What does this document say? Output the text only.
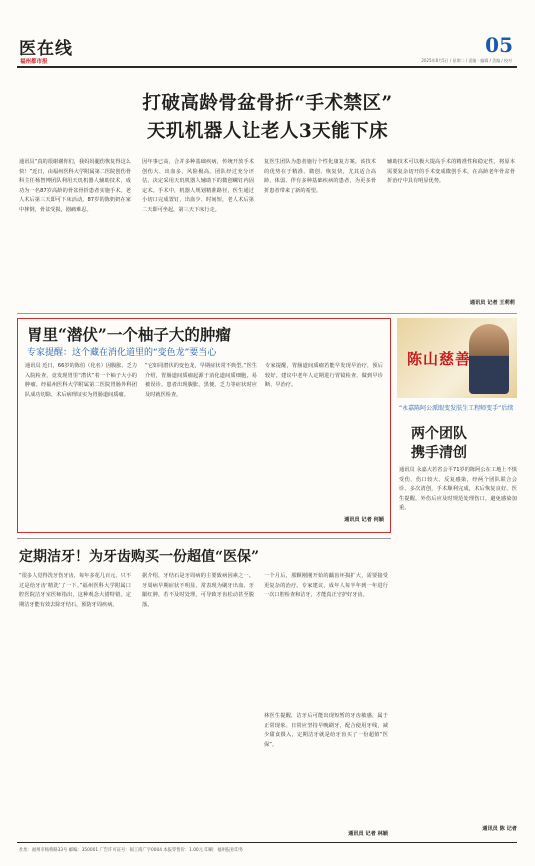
医在线
福州都市报
05
2025年8月5日 / 星期二 / 责编 · 编辑 / 美编 / 校对
打破高龄骨盆骨折“手术禁区”
天玑机器人让老人3天能下床
通讯员“真的很谢谢你们，我妈妈腿伤恢复得这么快！”近日，由福州医科大学附属第二医院创伤骨科主任杨智博团队利用天玑机器人辅助技术，成功为一名87岁高龄的骨盆骨折患者实施手术。老人术后第三天即可下床活动。87岁的陈奶奶在家中摔倒，骨盆受损，剧痛难忍。
因年事已高，合并多种基础疾病，传统开放手术创伤大、出血多，风险极高。团队经过充分评估，决定采用天玑机器人辅助下的微创螺钉内固定术。手术中，机器人规划精准路径，医生通过小切口完成置钉，出血少、时间短，老人术后第二天即可坐起，第三天下床行走。
复医生团队为患者施行个性化康复方案。该技术的优势在于精准、微创、恢复快，尤其适合高龄、体弱、伴有多种基础疾病的患者，为更多骨折患者带来了新的希望。
辅助技术可以极大提高手术的精准性和稳定性，将原本需要复杂切开的手术变成微创手术，在高龄老年骨盆骨折治疗中具有明显优势。
通讯员 记者 王莉莉
胃里“潜伏”一个柚子大的肿瘤
专家提醒：这个藏在消化道里的“变色龙”要当心
通讯员 近日，66岁的陈伯（化名）因腹胀、乏力入院检查，竟发现胃里“潜伏”着一个柚子大小的肿瘤。经福州医科大学附属第二医院胃肠外科团队成功切除，术后病理证实为胃肠道间质瘤。
“它如同潜伏的变色龙，早期症状常不典型。”医生介绍，胃肠道间质瘤起源于消化道间质细胞，易被误诊。患者出现腹胀、黑便、乏力等症状时应及时就医检查。
专家提醒，胃肠道间质瘤若能早发现早治疗，预后较好。建议中老年人定期进行胃镜检查，做到早诊断、早治疗。
通讯员 记者 何颖
陈山慈善
“永嘉陈阿公派眼变发肤生工程师变手”后续
两个团队
携手清创
通讯员 永嘉大若省会平71岁的陈阿公在工地上不慎受伤，伤口较大、反复感染，经两个团队联合会诊、多次清创，手术顺利完成，术后恢复良好。医生提醒，外伤后应及时规范处理伤口，避免感染加重。
通讯员 陈 记者
定期洁牙！为牙齿购买一份超值“医保”
“很多人觉得洗牙伤牙齿，每年多花几百元，只不过是给牙齿‘精洗’了一下。”福州医科大学附属口腔医院洁牙室医师指出，这种观念大错特错。定期洁牙能有效去除牙结石，预防牙周疾病。
据介绍，牙结石是牙周病的主要致病因素之一。牙周病早期症状不明显，常表现为刷牙出血、牙龈红肿，若不及时处理，可导致牙齿松动甚至脱落。
一个月后，那颗刚刚开始的龋齿坏损扩大，需要接受更复杂的治疗。专家建议，成年人每半年到一年进行一次口腔检查和洁牙，才能真正守护好牙齿。
林医生提醒，洁牙后可能出现短暂的牙齿敏感，属于正常现象。日常应坚持早晚刷牙，配合使用牙线，减少甜食摄入，定期洁牙就是给牙齿买了一份超值“医保”。
通讯员 记者 林颖
社址：福州市杨桥路33号 邮编：350001 广告许可证号：闽工商广字0004 本报零售价：1.00元 印刷：福州报业印务
